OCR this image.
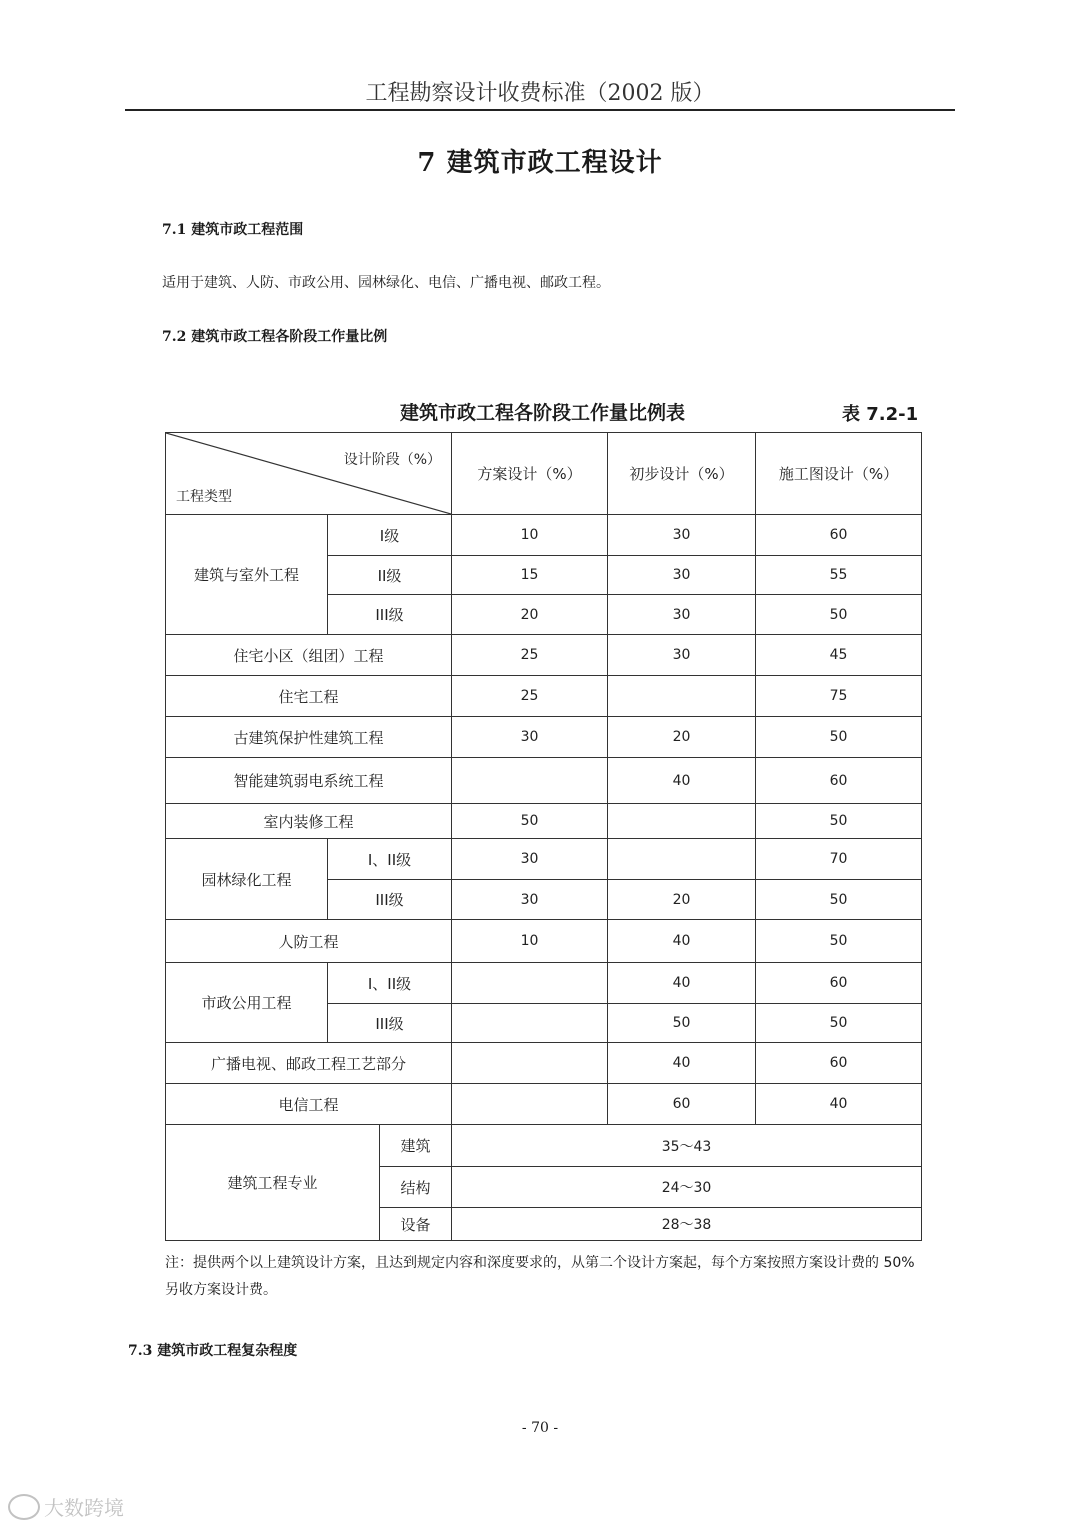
工程勘察设计收费标准（2002 版）
7 建筑市政工程设计
7.1 建筑市政工程范围
适用于建筑、人防、市政公用、园林绿化、电信、广播电视、邮政工程。
7.2 建筑市政工程各阶段工作量比例
建筑市政工程各阶段工作量比例表	表 7.2-1
设计阶段（%）
工程类型			方案设计（%）	初步设计（%）	施工图设计（%）
建筑与室外工程	I级		10	30	60
	II级		15	30	55
	III级		20	30	50
住宅小区（组团）工程			25	30	45
住宅工程			25		75
古建筑保护性建筑工程			30	20	50
智能建筑弱电系统工程				40	60
室内装修工程			50		50
园林绿化工程	I、II级		30		70
	III级		30	20	50
人防工程			10	40	50
市政公用工程	I、II级			40	60
	III级			50	50
广播电视、邮政工程工艺部分				40	60
电信工程				60	40
建筑工程专业		建筑	35～43		
		结构	24～30		
		设备	28～38		
注：提供两个以上建筑设计方案，且达到规定内容和深度要求的，从第二个设计方案起，每个方案按照方案设计费的 50%另收方案设计费。
7.3 建筑市政工程复杂程度
- 70 -
大数跨境
